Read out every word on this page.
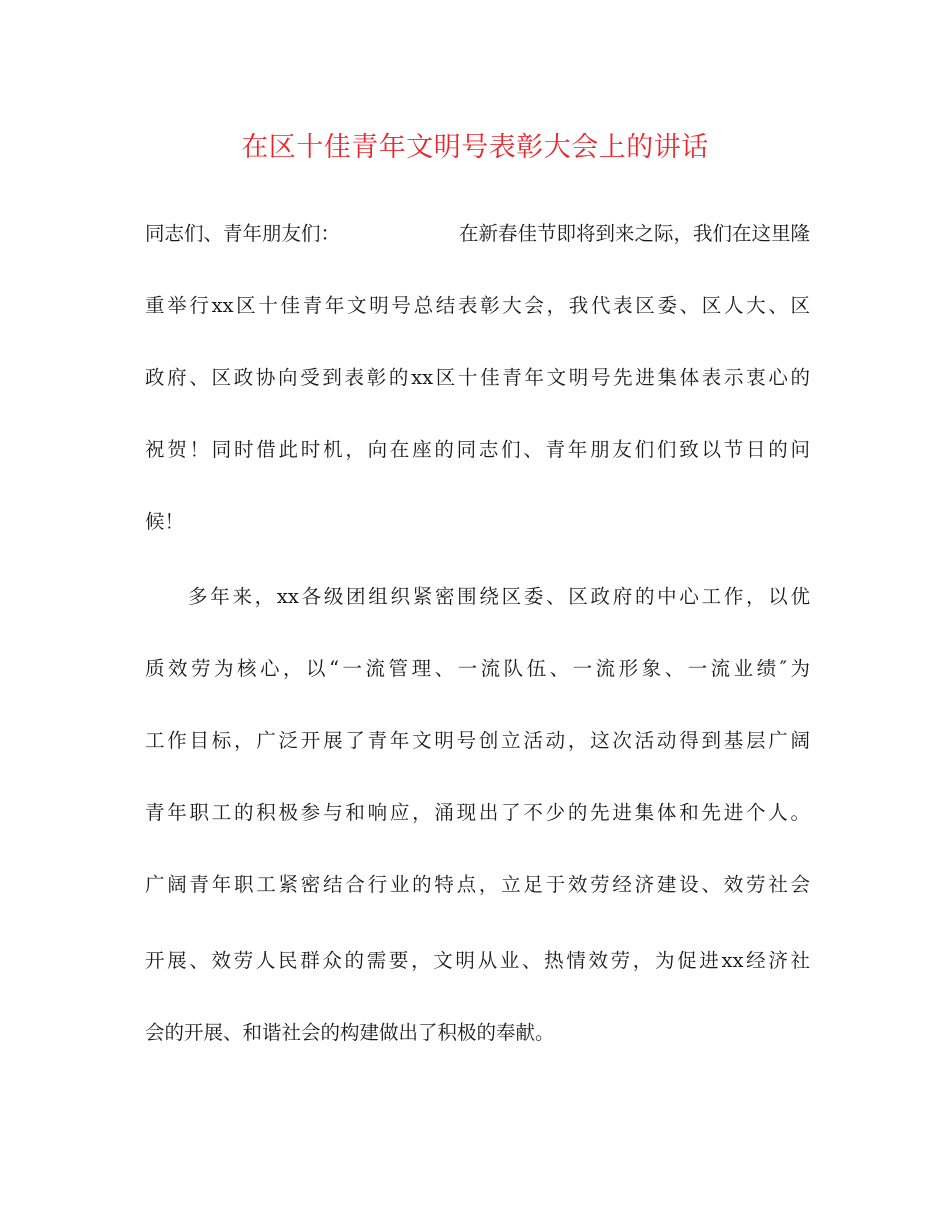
在区十佳青年文明号表彰大会上的讲话
同志们、青年朋友们：	在新春佳节即将到来之际，我们在这里隆

重举行xx区十佳青年文明号总结表彰大会，我代表区委、区人大、区

政府、区政协向受到表彰的xx区十佳青年文明号先进集体表示衷心的

祝贺！同时借此时机，向在座的同志们、青年朋友们们致以节日的问

候！

多年来，xx各级团组织紧密围绕区委、区政府的中心工作，以优

质效劳为核心，以“一流管理、一流队伍、一流形象、一流业绩″为

工作目标，广泛开展了青年文明号创立活动，这次活动得到基层广阔

青年职工的积极参与和响应，涌现出了不少的先进集体和先进个人。

广阔青年职工紧密结合行业的特点，立足于效劳经济建设、效劳社会

开展、效劳人民群众的需要，文明从业、热情效劳，为促进xx经济社

会的开展、和谐社会的构建做出了积极的奉献。
